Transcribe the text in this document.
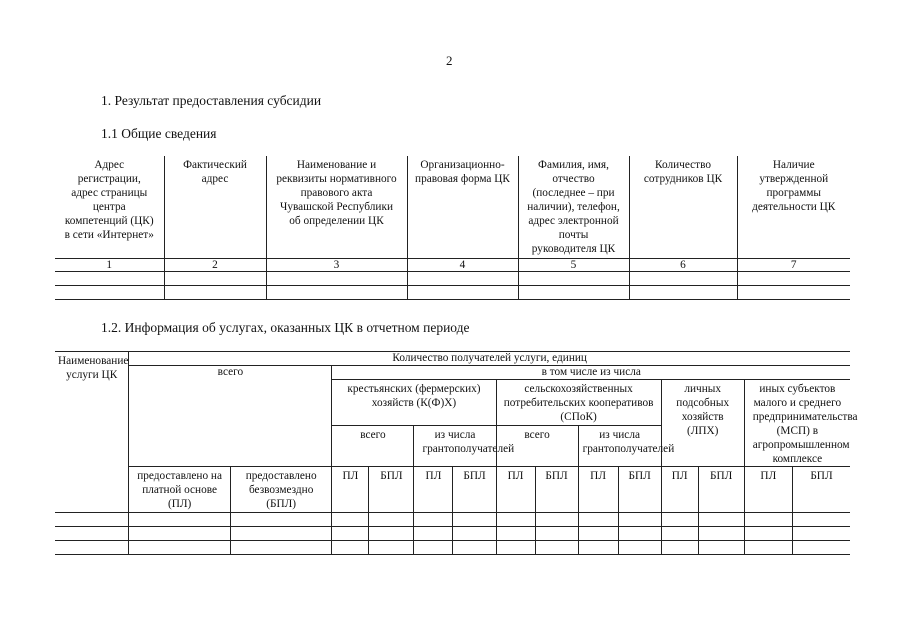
2
1. Результат предоставления субсидии
1.1 Общие сведения
Адрес регистрации, адрес страницы центра компетенций (ЦК) в сети «Интернет»	Фактический адрес	Наименование и реквизиты нормативного правового акта Чувашской Республики об определении ЦК	Организационно-правовая форма ЦК	Фамилия, имя, отчество (последнее – при наличии), телефон, адрес электронной почты руководителя ЦК	Количество сотрудников ЦК	Наличие утвержденной программы деятельности ЦК
1	2	3	4	5	6	7

1.2. Информация об услугах, оказанных ЦК в отчетном периоде
Наименование услуги ЦК	Количество получателей услуги, единиц													
	всего		в том числе из числа											
			крестьянских (фермерских) хозяйств (К(Ф)Х)				сельскохозяйственных потребительских кооперативов (СПоК)				личных подсобных хозяйств (ЛПХ)		иных субъектов малого и среднего предпринимательства (МСП) в агропромышленном комплексе	
			всего		из числа грантополучателей		всего		из числа грантополучателей					
	предоставлено на платной основе (ПЛ)	предоставлено безвозмездно (БПЛ)	ПЛ	БПЛ	ПЛ	БПЛ	ПЛ	БПЛ	ПЛ	БПЛ	ПЛ	БПЛ	ПЛ	БПЛ
